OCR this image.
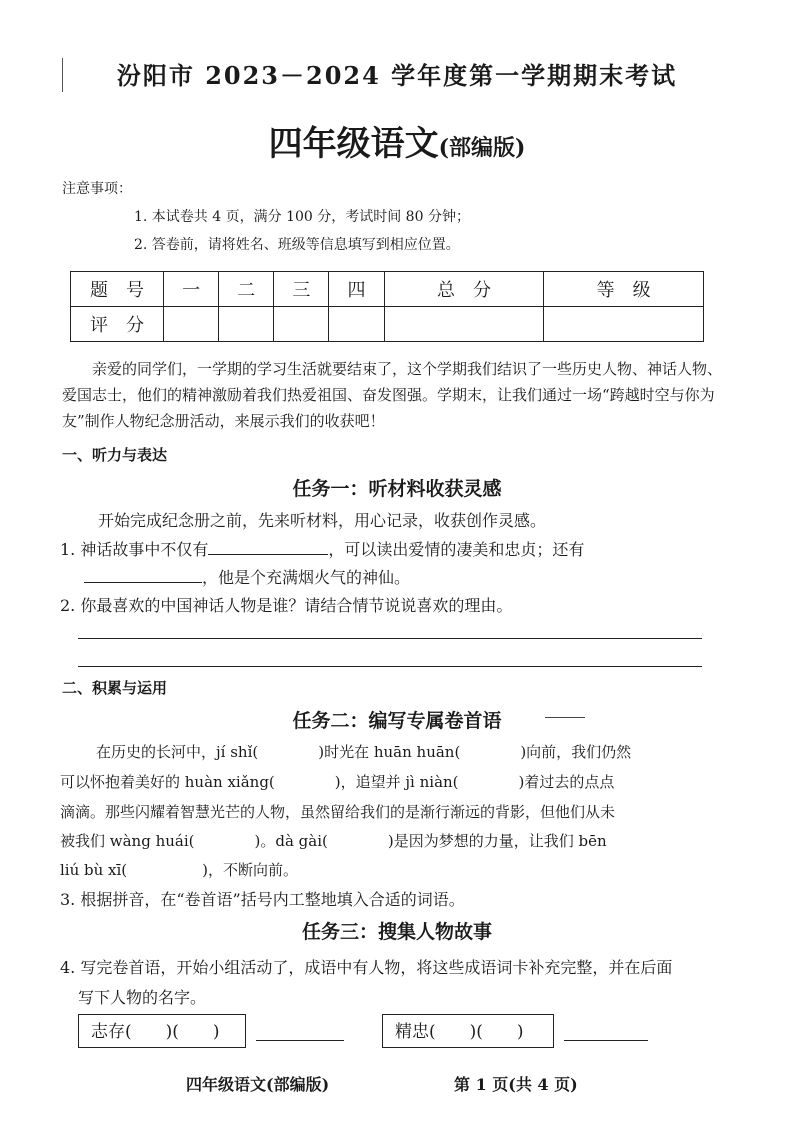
汾阳市 2023－2024 学年度第一学期期末考试
四年级语文(部编版)
注意事项：
1. 本试卷共 4 页，满分 100 分，考试时间 80 分钟；
2. 答卷前，请将姓名、班级等信息填写到相应位置。
题　号	一	二	三	四	总　分	等　级
评　分						
亲爱的同学们，一学期的学习生活就要结束了，这个学期我们结识了一些历史人物、神话人物、爱国志士，他们的精神激励着我们热爱祖国、奋发图强。学期末，让我们通过一场“跨越时空与你为友”制作人物纪念册活动，来展示我们的收获吧！
一、听力与表达
任务一：听材料收获灵感
开始完成纪念册之前，先来听材料，用心记录，收获创作灵感。
1. 神话故事中不仅有	，可以读出爱情的凄美和忠贞；还有
，他是个充满烟火气的神仙。
2. 你最喜欢的中国神话人物是谁？请结合情节说说喜欢的理由。
二、积累与运用
任务二：编写专属卷首语
在历史的长河中，jí shǐ(　　　　)时光在 huān huān(　　　　)向前，我们仍然
可以怀抱着美好的 huàn xiǎng(　　　　)，追望并 jì niàn(　　　　)着过去的点点
滴滴。那些闪耀着智慧光芒的人物，虽然留给我们的是渐行渐远的背影，但他们从未
被我们 wàng huái(　　　　)。dà gài(　　　　)是因为梦想的力量，让我们 bēn
liú bù xī(　　　　　)，不断向前。
3. 根据拼音，在“卷首语”括号内工整地填入合适的词语。
任务三：搜集人物故事
4. 写完卷首语，开始小组活动了，成语中有人物，将这些成语词卡补充完整，并在后面
写下人物的名字。
志存(　　)(　　)	精忠(　　)(　　)
四年级语文(部编版)	第 1 页(共 4 页)
